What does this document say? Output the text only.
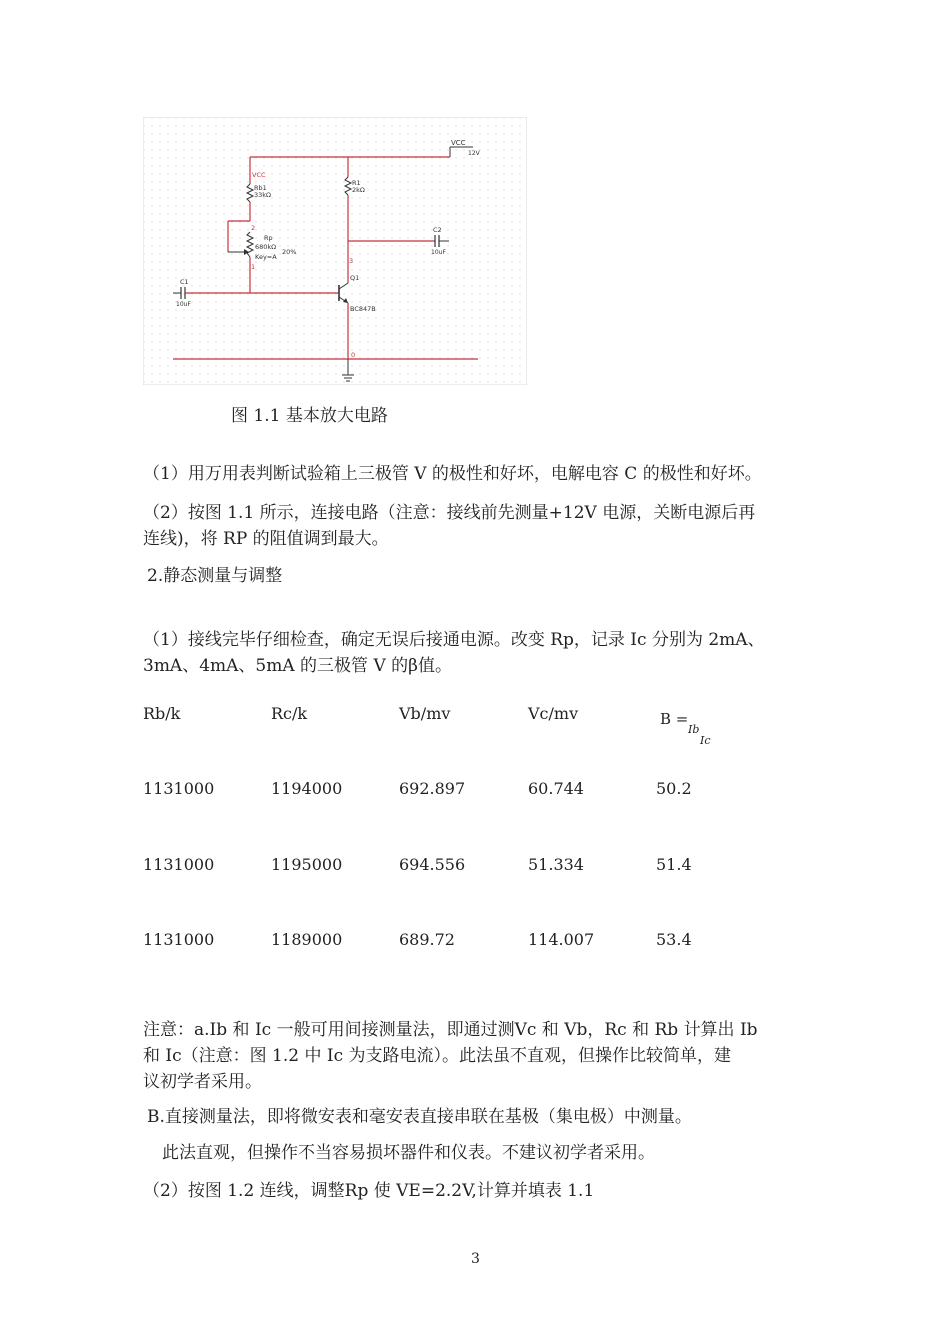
VCC
12V
VCC
Rb1
33kΩ
2
Rp
680kΩ
20%
Key=A
1
C1
10uF
R1
2kΩ
3
C2
10uF
Q1
BC847B
0
图 1.1 基本放大电路
（1）用万用表判断试验箱上三极管 V 的极性和好坏，电解电容 C 的极性和好坏。
（2）按图 1.1 所示，连接电路（注意：接线前先测量+12V 电源，关断电源后再
连线)，将 RP 的阻值调到最大。
2.静态测量与调整
（1）接线完毕仔细检查，确定无误后接通电源。改变 Rp，记录 Ic 分别为 2mA、
3mA、4mA、5mA 的三极管 V 的β值。
Rb/k	Rc/k	Vb/mv	Vc/mv	B =
Ib
Ic
1131000	1194000	692.897	60.744	50.2
1131000	1195000	694.556	51.334	51.4
1131000	1189000	689.72	114.007	53.4
注意：a.Ib 和 Ic 一般可用间接测量法，即通过测Vc 和 Vb，Rc 和 Rb 计算出 Ib
和 Ic（注意：图 1.2 中 Ic 为支路电流）。此法虽不直观，但操作比较简单，建
议初学者采用。
B.直接测量法，即将微安表和毫安表直接串联在基极（集电极）中测量。
此法直观，但操作不当容易损坏器件和仪表。不建议初学者采用。
（2）按图 1.2 连线，调整Rp 使 VE=2.2V,计算并填表 1.1
3
